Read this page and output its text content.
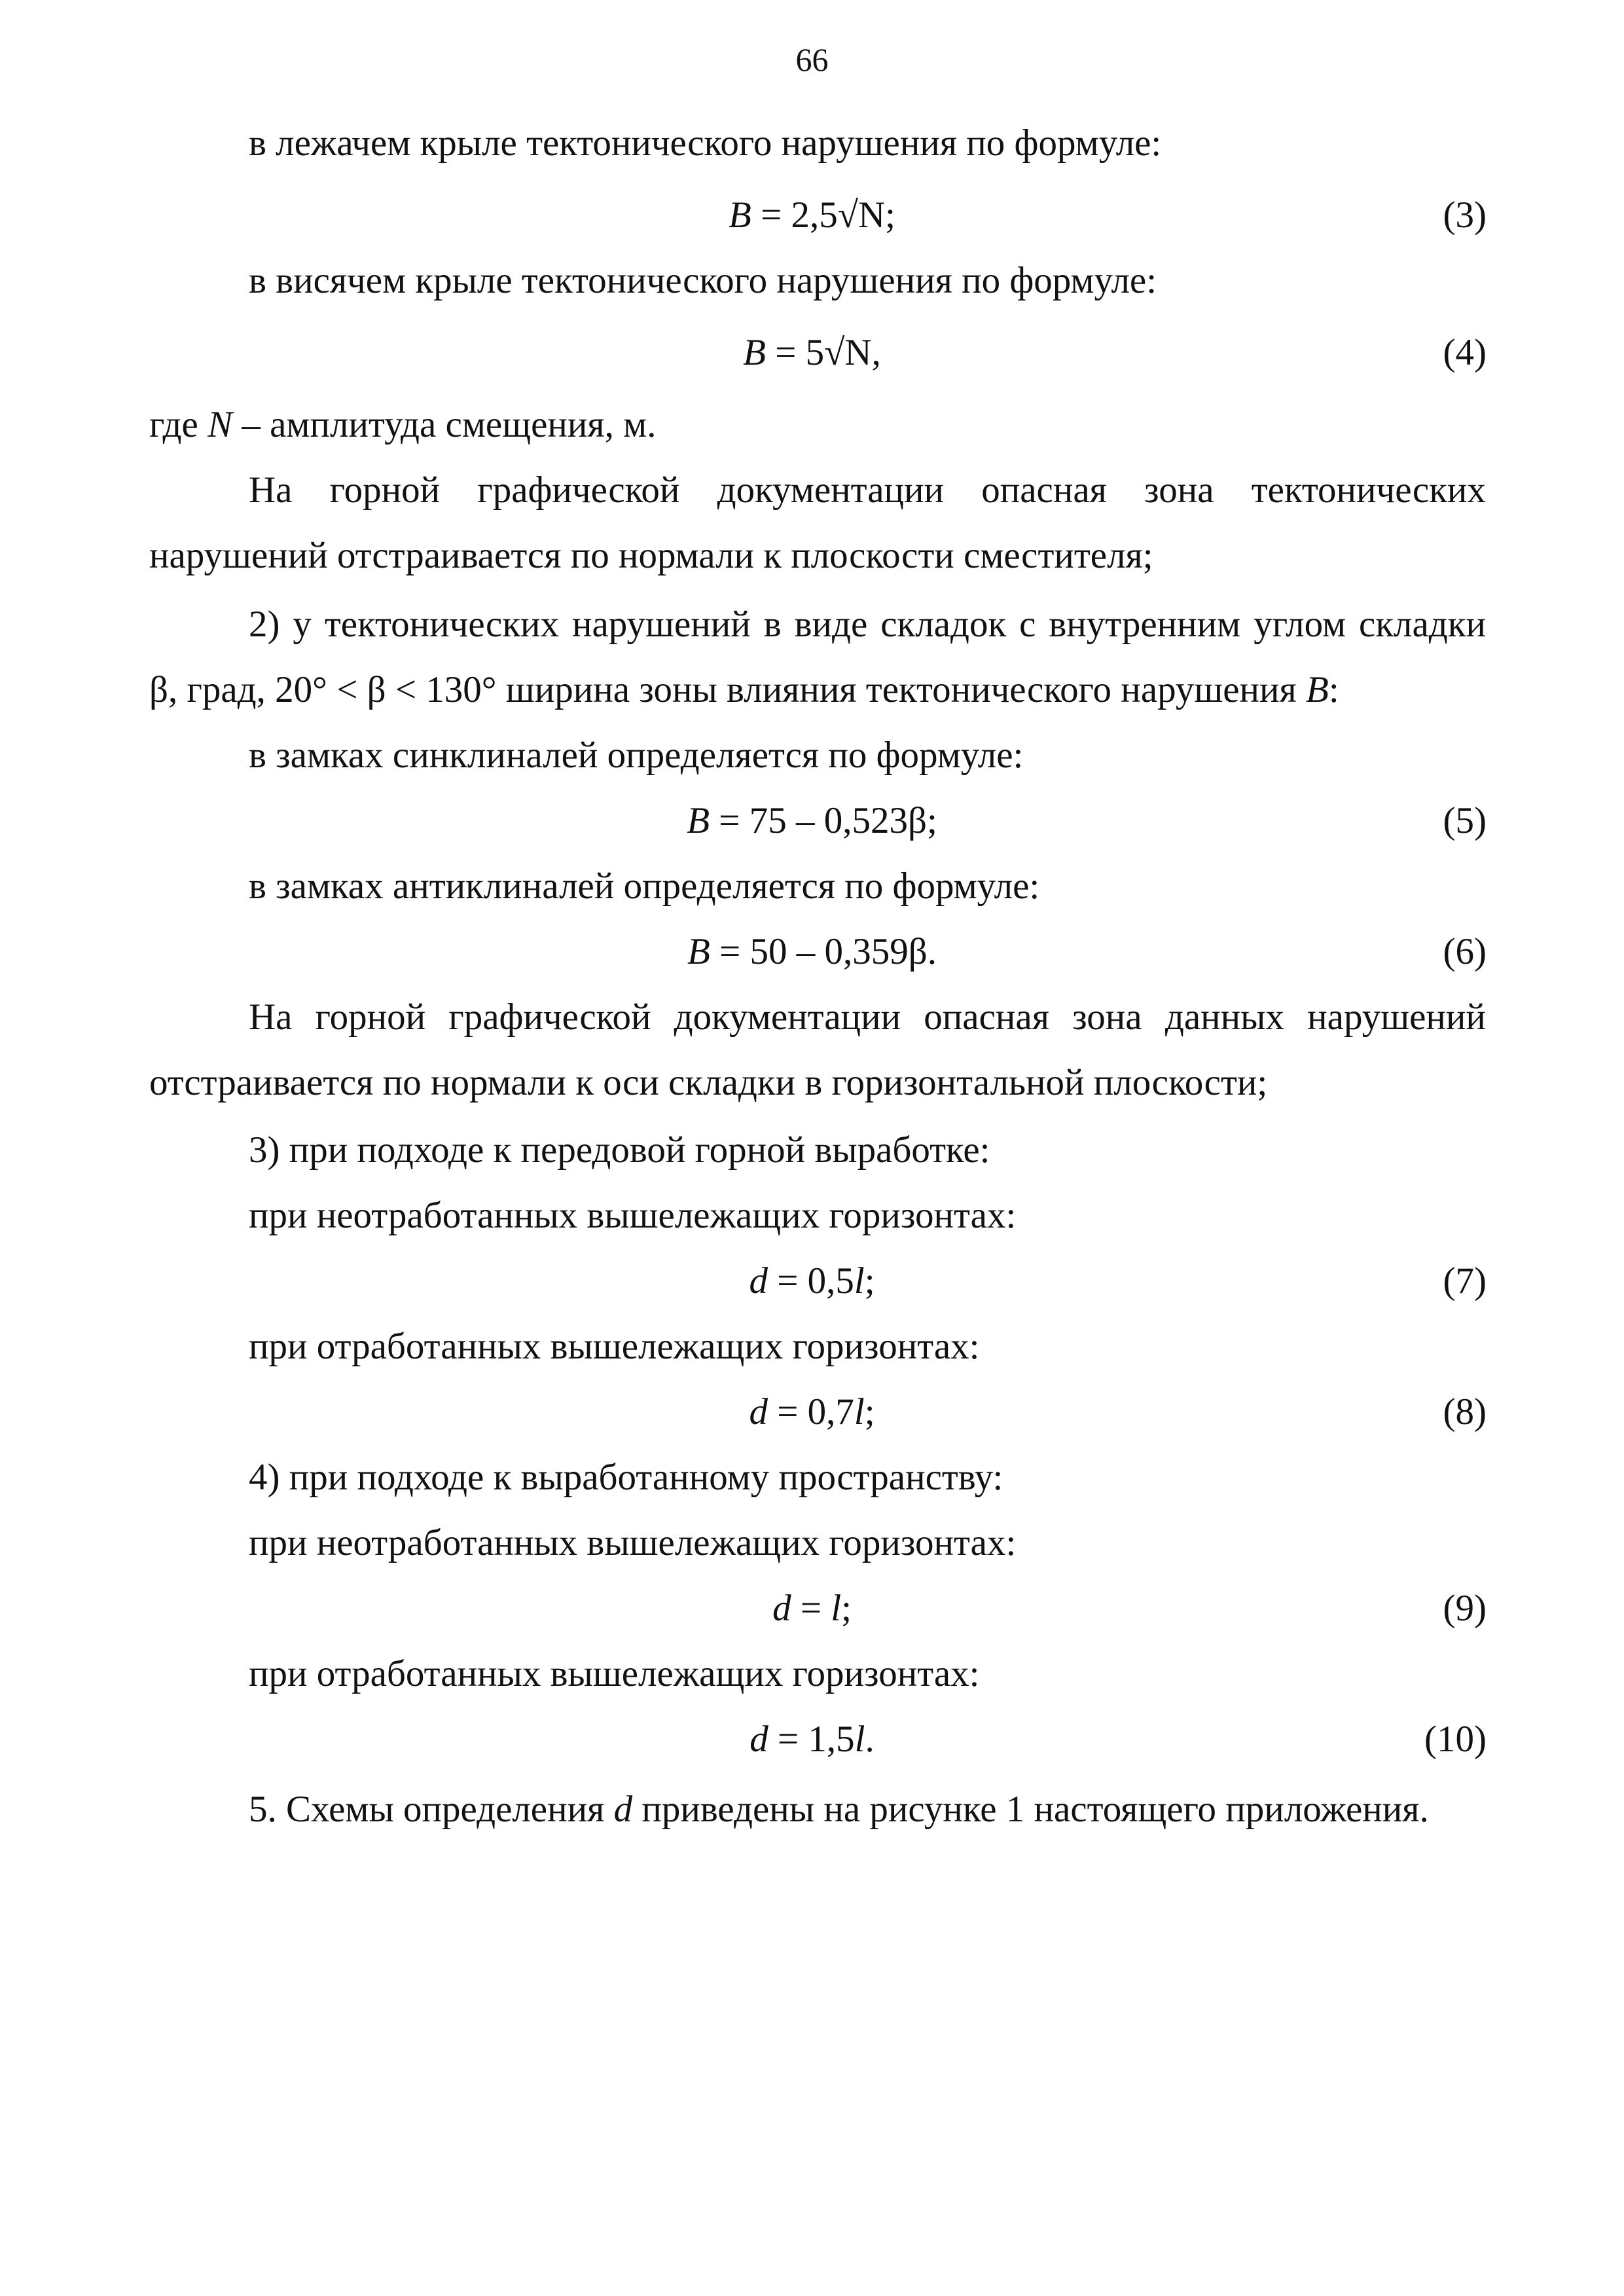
66
в лежачем крыле тектонического нарушения по формуле:
B = 2,5√N;	(3)
в висячем крыле тектонического нарушения по формуле:
B = 5√N,	(4)
где N – амплитуда смещения, м.
На горной графической документации опасная зона тектонических
нарушений отстраивается по нормали к плоскости сместителя;
2) у тектонических нарушений в виде складок с внутренним углом складки
β, град, 20° < β < 130° ширина зоны влияния тектонического нарушения B:
в замках синклиналей определяется по формуле:
B = 75 – 0,523β;	(5)
в замках антиклиналей определяется по формуле:
B = 50 – 0,359β.	(6)
На горной графической документации опасная зона данных нарушений
отстраивается по нормали к оси складки в горизонтальной плоскости;
3) при подходе к передовой горной выработке:
при неотработанных вышележащих горизонтах:
d = 0,5l;	(7)
при отработанных вышележащих горизонтах:
d = 0,7l;	(8)
4) при подходе к выработанному пространству:
при неотработанных вышележащих горизонтах:
d = l;	(9)
при отработанных вышележащих горизонтах:
d = 1,5l.	(10)
5. Схемы определения d приведены на рисунке 1 настоящего приложения.
